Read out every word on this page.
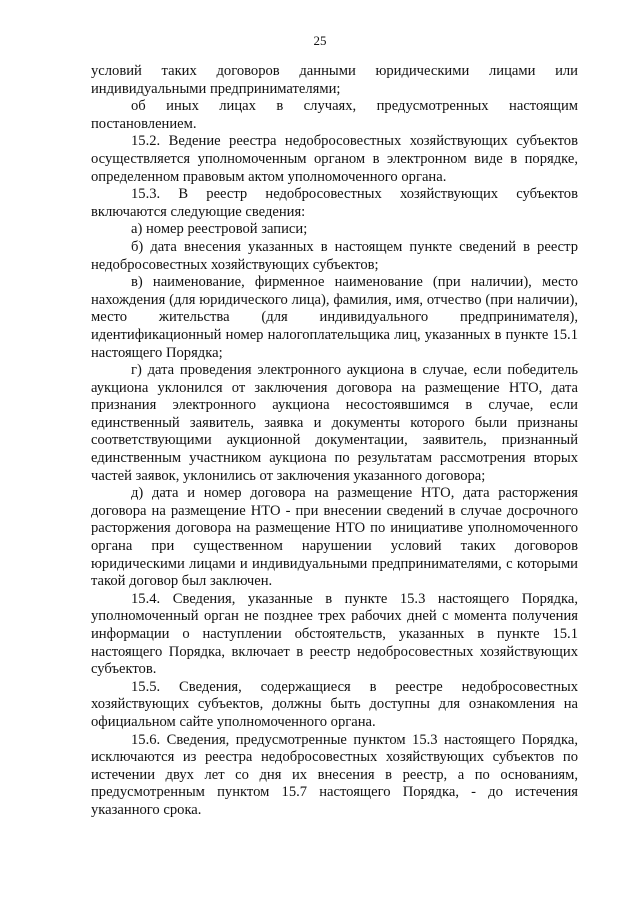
25

условий таких договоров данными юридическими лицами или индивидуальными предпринимателями;

об иных лицах в случаях, предусмотренных настоящим постановлением.

15.2. Ведение реестра недобросовестных хозяйствующих субъектов осуществляется уполномоченным органом в электронном виде в порядке, определенном правовым актом уполномоченного органа.

15.3. В реестр недобросовестных хозяйствующих субъектов включаются следующие сведения:

а) номер реестровой записи;

б) дата внесения указанных в настоящем пункте сведений в реестр недобросовестных хозяйствующих субъектов;

в) наименование, фирменное наименование (при наличии), место нахождения (для юридического лица), фамилия, имя, отчество (при наличии), место жительства (для индивидуального предпринимателя), идентификационный номер налогоплательщика лиц, указанных в пункте 15.1 настоящего Порядка;

г) дата проведения электронного аукциона в случае, если победитель аукциона уклонился от заключения договора на размещение НТО, дата признания электронного аукциона несостоявшимся в случае, если единственный заявитель, заявка и документы которого были признаны соответствующими аукционной документации, заявитель, признанный единственным участником аукциона по результатам рассмотрения вторых частей заявок, уклонились от заключения указанного договора;

д) дата и номер договора на размещение НТО, дата расторжения договора на размещение НТО - при внесении сведений в случае досрочного расторжения договора на размещение НТО по инициативе уполномоченного органа при существенном нарушении условий таких договоров юридическими лицами и индивидуальными предпринимателями, с которыми такой договор был заключен.

15.4. Сведения, указанные в пункте 15.3 настоящего Порядка, уполномоченный орган не позднее трех рабочих дней с момента получения информации о наступлении обстоятельств, указанных в пункте 15.1 настоящего Порядка, включает в реестр недобросовестных хозяйствующих субъектов.

15.5. Сведения, содержащиеся в реестре недобросовестных хозяйствующих субъектов, должны быть доступны для ознакомления на официальном сайте уполномоченного органа.

15.6. Сведения, предусмотренные пунктом 15.3 настоящего Порядка, исключаются из реестра недобросовестных хозяйствующих субъектов по истечении двух лет со дня их внесения в реестр, а по основаниям, предусмотренным пунктом 15.7 настоящего Порядка, - до истечения указанного срока.
